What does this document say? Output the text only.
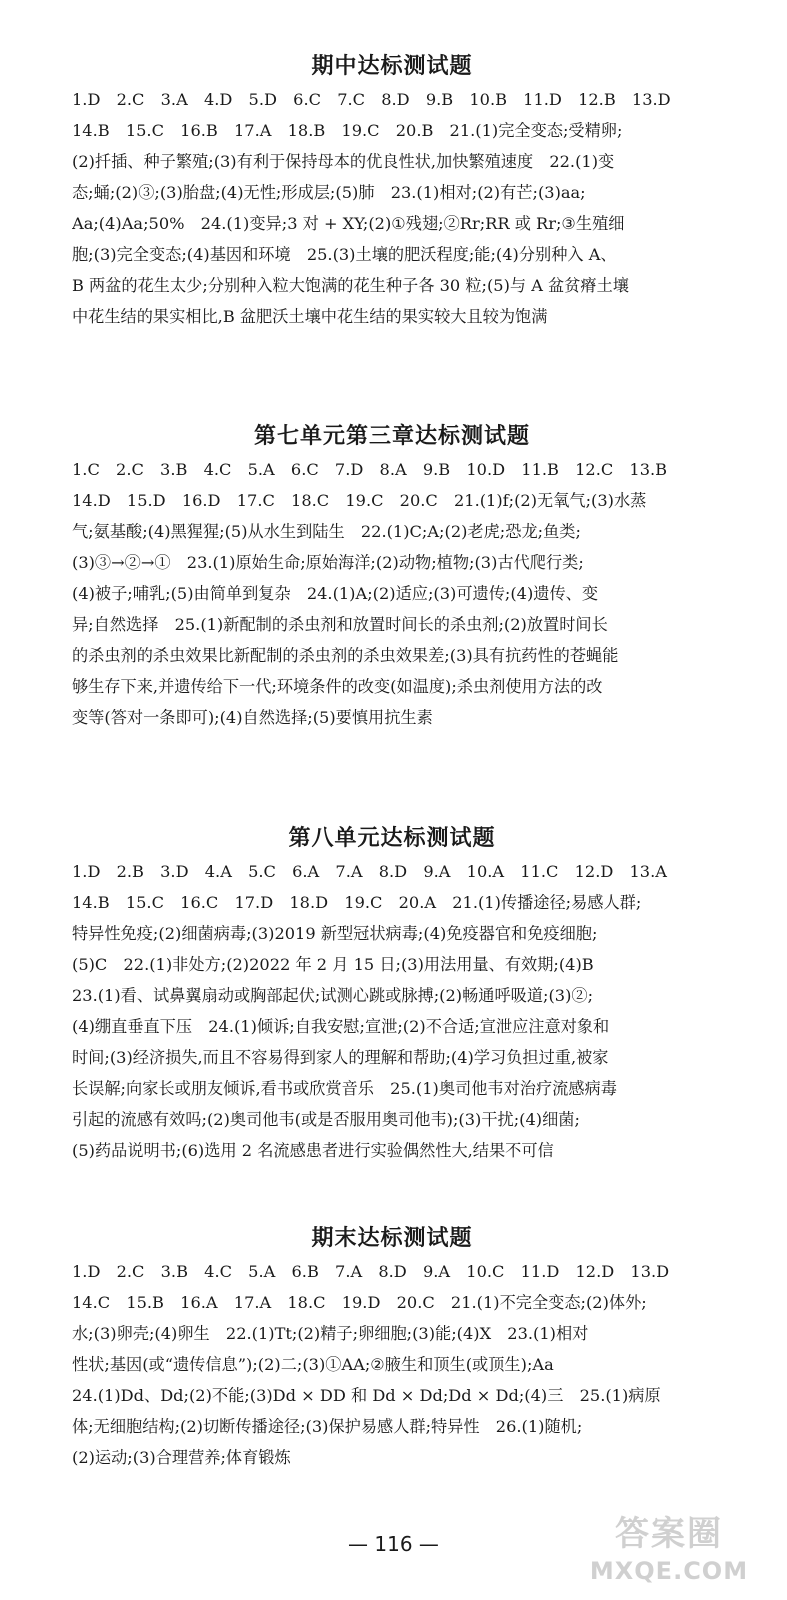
期中达标测试题
1.D　2.C　3.A　4.D　5.D　6.C　7.C　8.D　9.B　10.B　11.D　12.B　13.D
14.B　15.C　16.B　17.A　18.B　19.C　20.B　21.(1)完全变态;受精卵;
(2)扦插、种子繁殖;(3)有利于保持母本的优良性状,加快繁殖速度　22.(1)变
态;蛹;(2)③;(3)胎盘;(4)无性;形成层;(5)肺　23.(1)相对;(2)有芒;(3)aa;
Aa;(4)Aa;50%　24.(1)变异;3 对 + XY;(2)①残翅;②Rr;RR 或 Rr;③生殖细
胞;(3)完全变态;(4)基因和环境　25.(3)土壤的肥沃程度;能;(4)分别种入 A、
B 两盆的花生太少;分别种入粒大饱满的花生种子各 30 粒;(5)与 A 盆贫瘠土壤
中花生结的果实相比,B 盆肥沃土壤中花生结的果实较大且较为饱满
第七单元第三章达标测试题
1.C　2.C　3.B　4.C　5.A　6.C　7.D　8.A　9.B　10.D　11.B　12.C　13.B
14.D　15.D　16.D　17.C　18.C　19.C　20.C　21.(1)f;(2)无氧气;(3)水蒸
气;氨基酸;(4)黑猩猩;(5)从水生到陆生　22.(1)C;A;(2)老虎;恐龙;鱼类;
(3)③→②→①　23.(1)原始生命;原始海洋;(2)动物;植物;(3)古代爬行类;
(4)被子;哺乳;(5)由简单到复杂　24.(1)A;(2)适应;(3)可遗传;(4)遗传、变
异;自然选择　25.(1)新配制的杀虫剂和放置时间长的杀虫剂;(2)放置时间长
的杀虫剂的杀虫效果比新配制的杀虫剂的杀虫效果差;(3)具有抗药性的苍蝇能
够生存下来,并遗传给下一代;环境条件的改变(如温度);杀虫剂使用方法的改
变等(答对一条即可);(4)自然选择;(5)要慎用抗生素
第八单元达标测试题
1.D　2.B　3.D　4.A　5.C　6.A　7.A　8.D　9.A　10.A　11.C　12.D　13.A
14.B　15.C　16.C　17.D　18.D　19.C　20.A　21.(1)传播途径;易感人群;
特异性免疫;(2)细菌病毒;(3)2019 新型冠状病毒;(4)免疫器官和免疫细胞;
(5)C　22.(1)非处方;(2)2022 年 2 月 15 日;(3)用法用量、有效期;(4)B
23.(1)看、试鼻翼扇动或胸部起伏;试测心跳或脉搏;(2)畅通呼吸道;(3)②;
(4)绷直垂直下压　24.(1)倾诉;自我安慰;宣泄;(2)不合适;宣泄应注意对象和
时间;(3)经济损失,而且不容易得到家人的理解和帮助;(4)学习负担过重,被家
长误解;向家长或朋友倾诉,看书或欣赏音乐　25.(1)奥司他韦对治疗流感病毒
引起的流感有效吗;(2)奥司他韦(或是否服用奥司他韦);(3)干扰;(4)细菌;
(5)药品说明书;(6)选用 2 名流感患者进行实验偶然性大,结果不可信
期末达标测试题
1.D　2.C　3.B　4.C　5.A　6.B　7.A　8.D　9.A　10.C　11.D　12.D　13.D
14.C　15.B　16.A　17.A　18.C　19.D　20.C　21.(1)不完全变态;(2)体外;
水;(3)卵壳;(4)卵生　22.(1)Tt;(2)精子;卵细胞;(3)能;(4)X　23.(1)相对
性状;基因(或“遗传信息”);(2)二;(3)①AA;②腋生和顶生(或顶生);Aa
24.(1)Dd、Dd;(2)不能;(3)Dd × DD 和 Dd × Dd;Dd × Dd;(4)三　25.(1)病原
体;无细胞结构;(2)切断传播途径;(3)保护易感人群;特异性　26.(1)随机;
(2)运动;(3)合理营养;体育锻炼
— 116 —	答案圈
MXQE.COM
